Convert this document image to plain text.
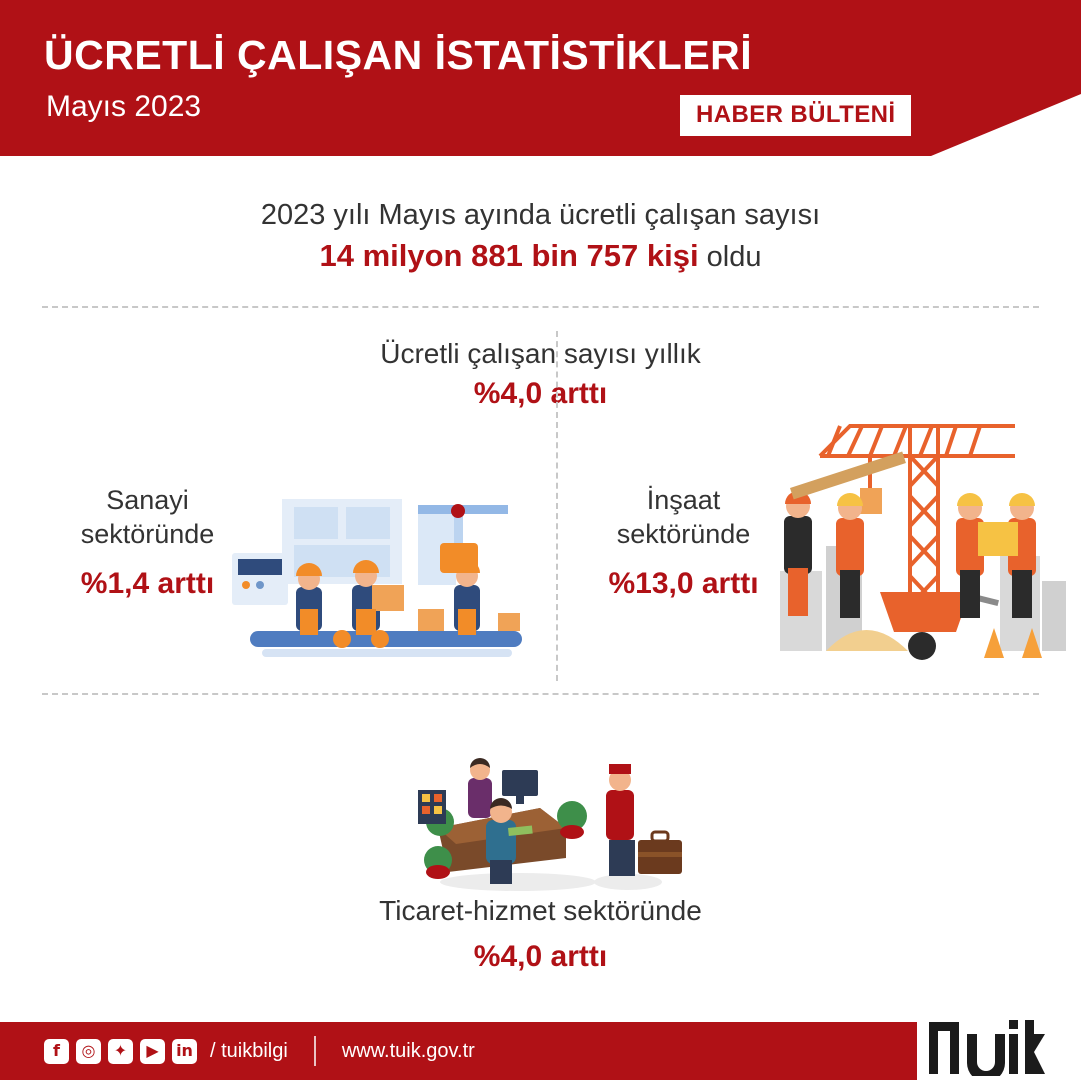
ÜCRETLİ ÇALIŞAN İSTATİSTİKLERİ
Mayıs 2023	HABER BÜLTENİ
2023 yılı Mayıs ayında ücretli çalışan sayısı
14 milyon 881 bin 757 kişi oldu
Ücretli çalışan sayısı yıllık
%4,0 arttı
Sanayi
sektöründe
%1,4 arttı
İnşaat
sektöründe
%13,0 arttı
Ticaret-hizmet sektöründe
%4,0 arttı
f	◎	✦	▶	in / tuikbilgi	www.tuik.gov.tr
